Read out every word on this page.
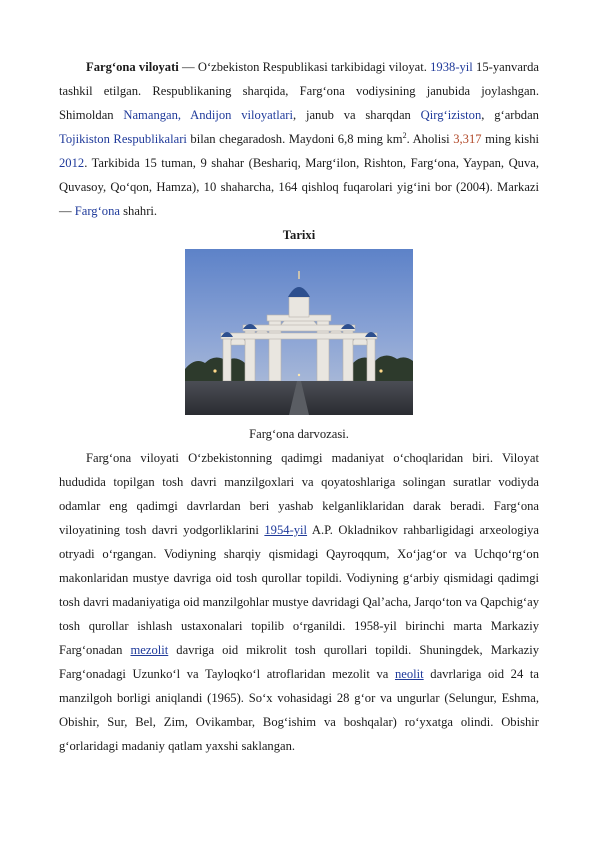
Farg‘ona viloyati — O‘zbekiston Respublikasi tarkibidagi viloyat. 1938-yil 15-yanvarda tashkil etilgan. Respublikaning sharqida, Farg‘ona vodiysining janubida joylashgan. Shimoldan Namangan, Andijon viloyatlari, janub va sharqdan Qirg‘iziston, g‘arbdan Tojikiston Respublikalari bilan chegaradosh. Maydoni 6,8 ming $km^2$. Aholisi 3,317 ming kishi 2012. Tarkibida 15 tuman, 9 shahar (Beshariq, Marg‘ilon, Rishton, Farg‘ona, Yaypan, Quva, Quvasoy, Qo‘qon, Hamza), 10 shaharcha, 164 qishloq fuqarolari yig‘ini bor (2004). Markazi — Farg‘ona shahri.

Tarixi

Farg‘ona darvozasi.

Farg‘ona viloyati O‘zbekistonning qadimgi madaniyat o‘choqlaridan biri. Viloyat hududida topilgan tosh davri manzilgoxlari va qoyatoshlariga solingan suratlar vodiyda odamlar eng qadimgi davrlardan beri yashab kelganliklaridan darak beradi. Farg‘ona viloyatining tosh davri yodgorliklarini 1954-yil A.P. Okladnikov rahbarligidagi arxeologiya otryadi o‘rgangan. Vodiyning sharqiy qismidagi Qayroqqum, Xo‘jag‘or va Uchqo‘rg‘on makonlaridan mustye davriga oid tosh qurollar topildi. Vodiyning g‘arbiy qismidagi qadimgi tosh davri madaniyatiga oid manzilgohlar mustye davridagi Qal’acha, Jarqo‘ton va Qapchig‘ay tosh qurollar ishlash ustaxonalari topilib o‘rganildi. 1958-yil birinchi marta Markaziy Farg‘onadan mezolit davriga oid mikrolit tosh qurollari topildi. Shuningdek, Markaziy Farg‘onadagi Uzunko‘l va Tayloqko‘l atroflaridan mezolit va neolit davrlariga oid 24 ta manzilgoh borligi aniqlandi (1965). So‘x vohasidagi 28 g‘or va ungurlar (Selungur, Eshma, Obishir, Sur, Bel, Zim, Ovikambar, Bog‘ishim va boshqalar) ro‘yxatga olindi. Obishir g‘orlaridagi madaniy qatlam yaxshi saklangan.
